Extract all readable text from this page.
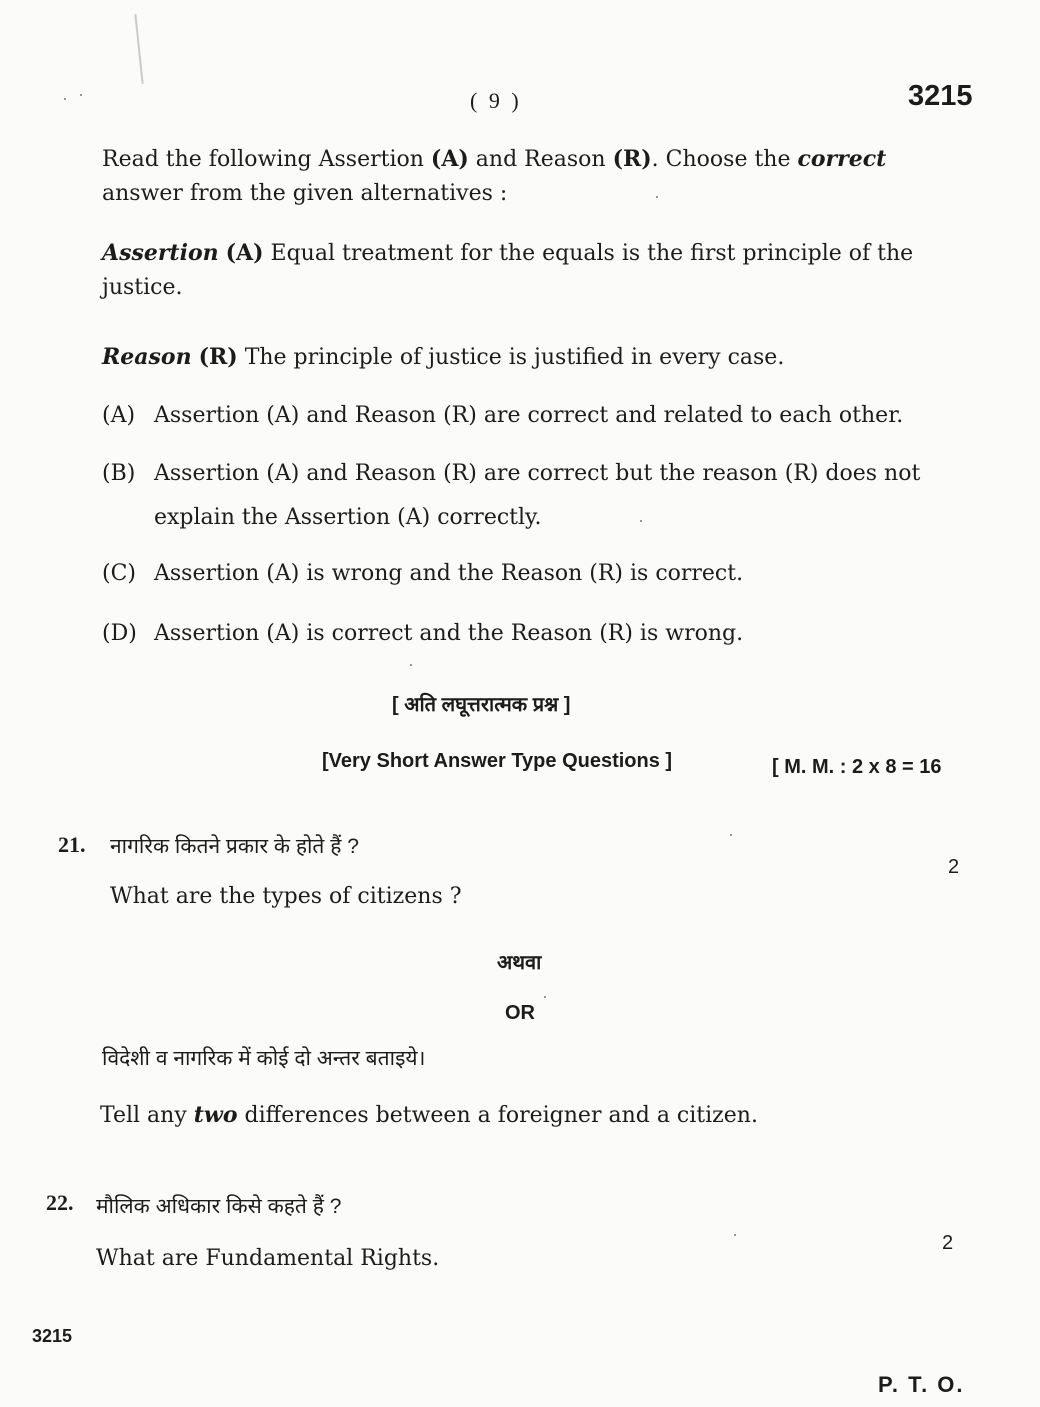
( 9 )	3215
Read the following Assertion (A) and Reason (R). Choose the correct answer from the given alternatives :
Assertion (A) Equal treatment for the equals is the first principle of the justice.
Reason (R) The principle of justice is justified in every case.
(A) Assertion (A) and Reason (R) are correct and related to each other.
(B) Assertion (A) and Reason (R) are correct but the reason (R) does not explain the Assertion (A) correctly.
(C) Assertion (A) is wrong and the Reason (R) is correct.
(D) Assertion (A) is correct and the Reason (R) is wrong.
[ अति लघूत्तरात्मक प्रश्न ]
[Very Short Answer Type Questions ]	[ M. M. : 2 x 8 = 16
21. नागरिक कितने प्रकार के होते हैं ?
2
What are the types of citizens ?
अथवा
OR
विदेशी व नागरिक में कोई दो अन्तर बताइये।
Tell any two differences between a foreigner and a citizen.
22. मौलिक अधिकार किसे कहते हैं ?
2
What are Fundamental Rights.
3215
P. T. O.
